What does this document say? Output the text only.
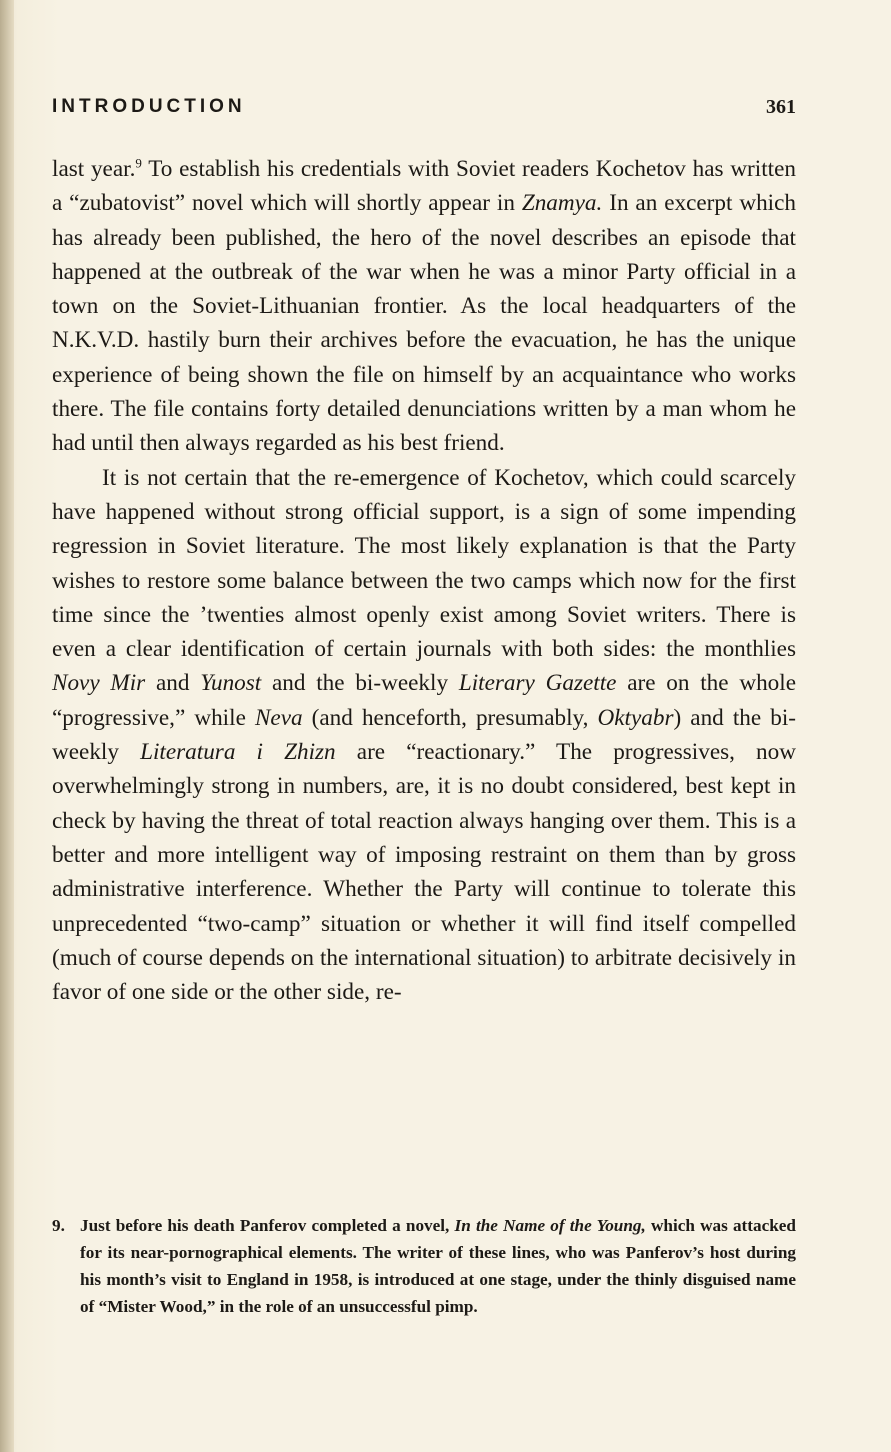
INTRODUCTION	361

last year.$^9$ To establish his credentials with Soviet readers Kochetov has written a “zubatovist” novel which will shortly appear in Znamya. In an excerpt which has already been published, the hero of the novel describes an episode that happened at the outbreak of the war when he was a minor Party official in a town on the Soviet-Lithuanian frontier. As the local headquarters of the N.K.V.D. hastily burn their archives before the evacuation, he has the unique experience of being shown the file on himself by an acquaintance who works there. The file contains forty detailed denunciations written by a man whom he had until then always regarded as his best friend.

It is not certain that the re-emergence of Kochetov, which could scarcely have happened without strong official support, is a sign of some impending regression in Soviet literature. The most likely explanation is that the Party wishes to restore some balance between the two camps which now for the first time since the ’twenties almost openly exist among Soviet writers. There is even a clear identification of certain journals with both sides: the monthlies Novy Mir and Yunost and the bi-weekly Literary Gazette are on the whole “progressive,” while Neva (and henceforth, presumably, Oktyabr) and the bi-weekly Literatura i Zhizn are “reactionary.” The progressives, now overwhelmingly strong in numbers, are, it is no doubt considered, best kept in check by having the threat of total reaction always hanging over them. This is a better and more intelligent way of imposing restraint on them than by gross administrative interference. Whether the Party will continue to tolerate this unprecedented “two-camp” situation or whether it will find itself compelled (much of course depends on the international situation) to arbitrate decisively in favor of one side or the other side, re-

9. Just before his death Panferov completed a novel, In the Name of the Young, which was attacked for its near-pornographical elements. The writer of these lines, who was Panferov’s host during his month’s visit to England in 1958, is introduced at one stage, under the thinly disguised name of “Mister Wood,” in the role of an unsuccessful pimp.
